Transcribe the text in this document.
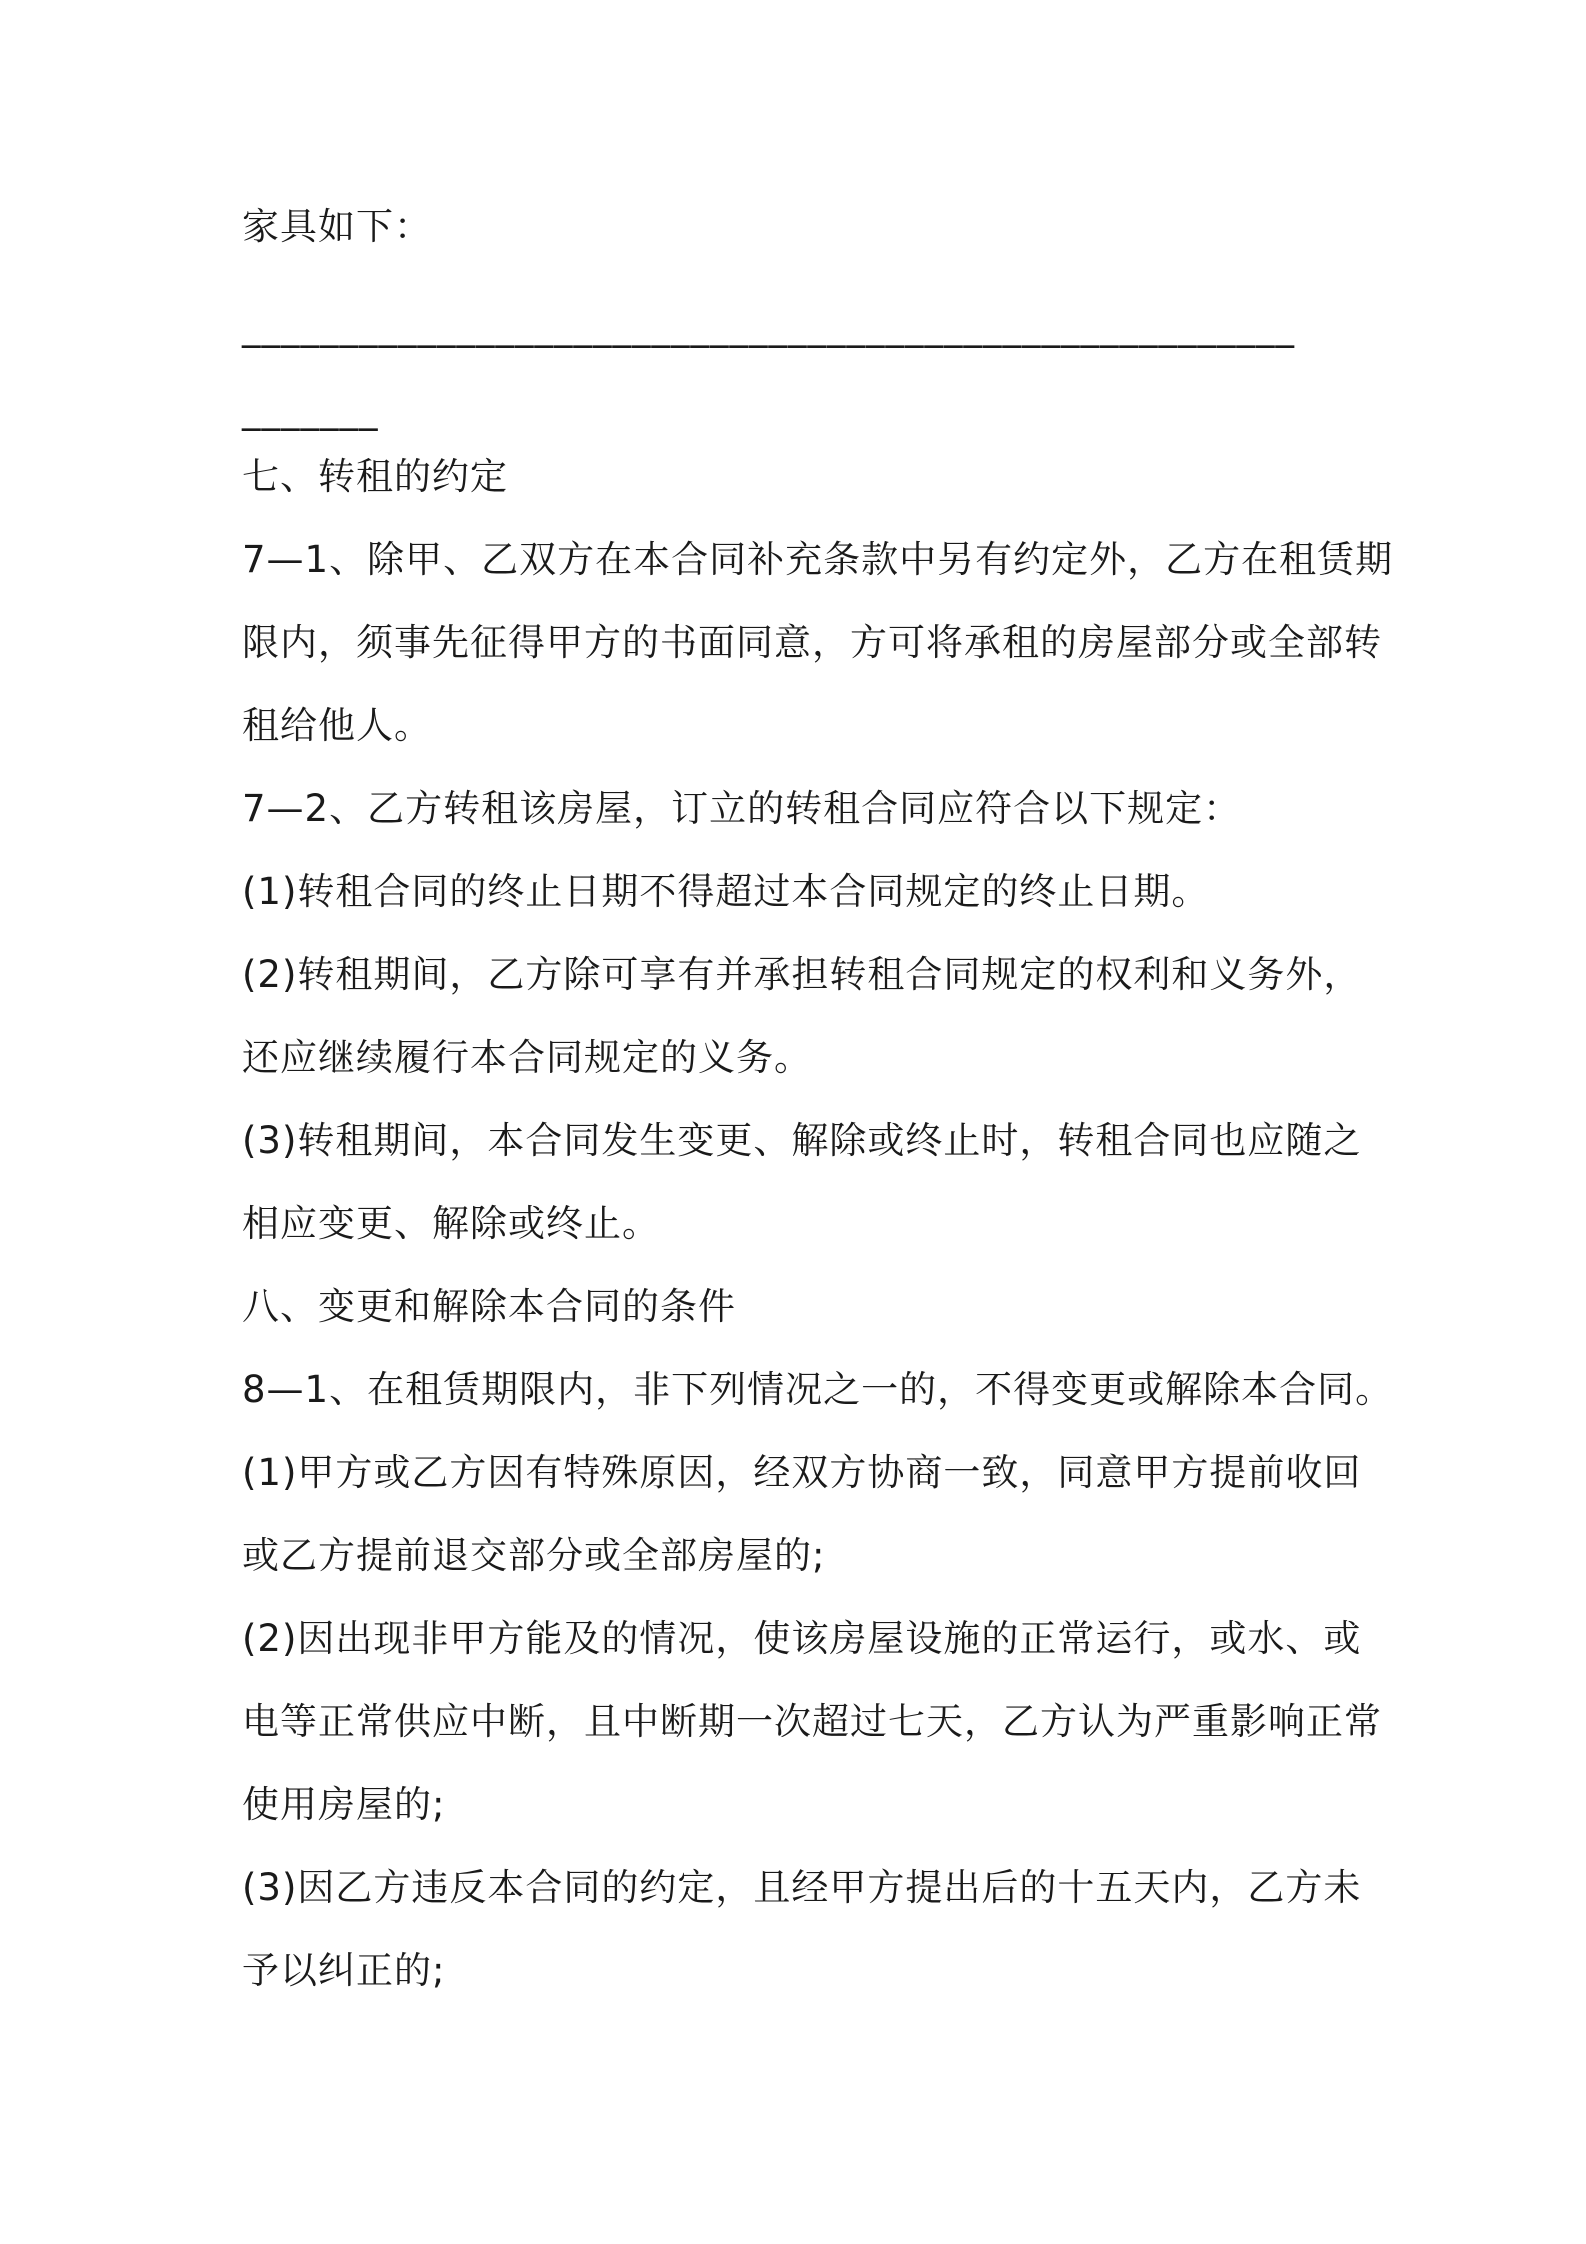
家具如下：
______________________________________________________
_______
七、转租的约定
7—1、除甲、乙双方在本合同补充条款中另有约定外，乙方在租赁期
限内，须事先征得甲方的书面同意，方可将承租的房屋部分或全部转
租给他人。
7—2、乙方转租该房屋，订立的转租合同应符合以下规定：
(1)转租合同的终止日期不得超过本合同规定的终止日期。
(2)转租期间，乙方除可享有并承担转租合同规定的权利和义务外，
还应继续履行本合同规定的义务。
(3)转租期间，本合同发生变更、解除或终止时，转租合同也应随之
相应变更、解除或终止。
八、变更和解除本合同的条件
8—1、在租赁期限内，非下列情况之一的，不得变更或解除本合同。
(1)甲方或乙方因有特殊原因，经双方协商一致，同意甲方提前收回
或乙方提前退交部分或全部房屋的;
(2)因出现非甲方能及的情况，使该房屋设施的正常运行，或水、或
电等正常供应中断，且中断期一次超过七天，乙方认为严重影响正常
使用房屋的;
(3)因乙方违反本合同的约定，且经甲方提出后的十五天内，乙方未
予以纠正的;
